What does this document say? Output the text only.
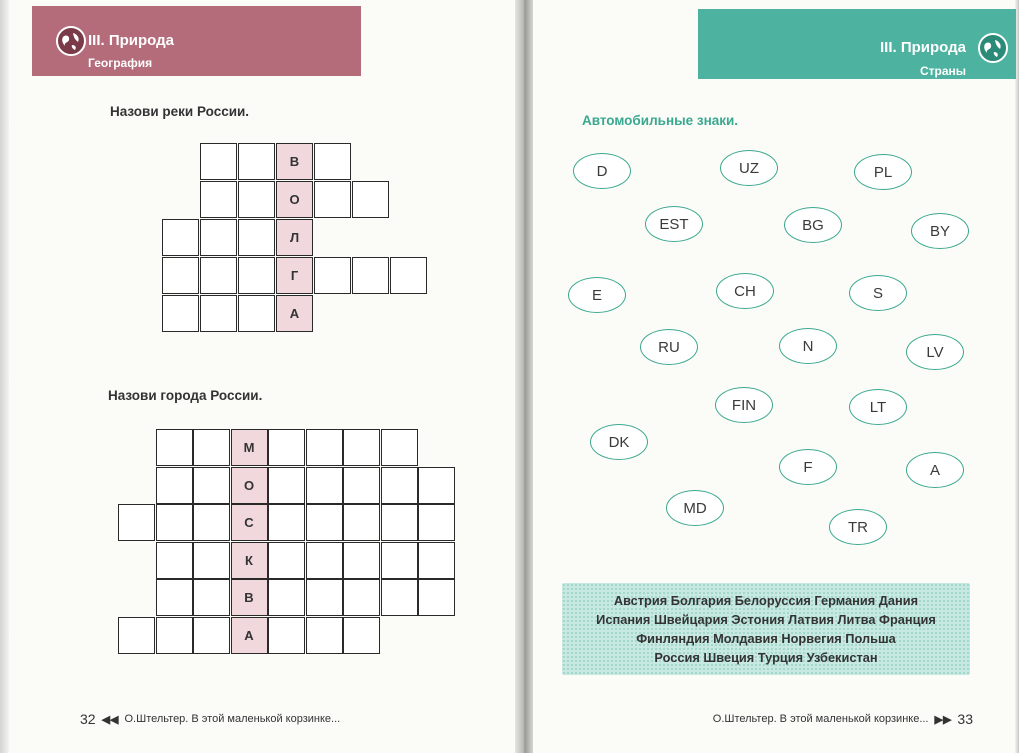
III. Природа
География
III. Природа
Страны
Назови реки России.
В
О
Л
Г
А
Назови города России.
М
О
С
К
В
А
Автомобильные знаки.
D	UZ	PL
EST	BG	BY
E	CH	S
RU	N	LV
FIN	LT
DK
F	A
MD
TR
Австрия Болгария Белоруссия Германия Дания
Испания Швейцария Эстония Латвия Литва Франция
Финляндия Молдавия Норвегия Польша
Россия Швеция Турция Узбекистан
32 ◀◀ О.Штельтер. В этой маленькой корзинке...	О.Штельтер. В этой маленькой корзинке... ▶▶ 33
